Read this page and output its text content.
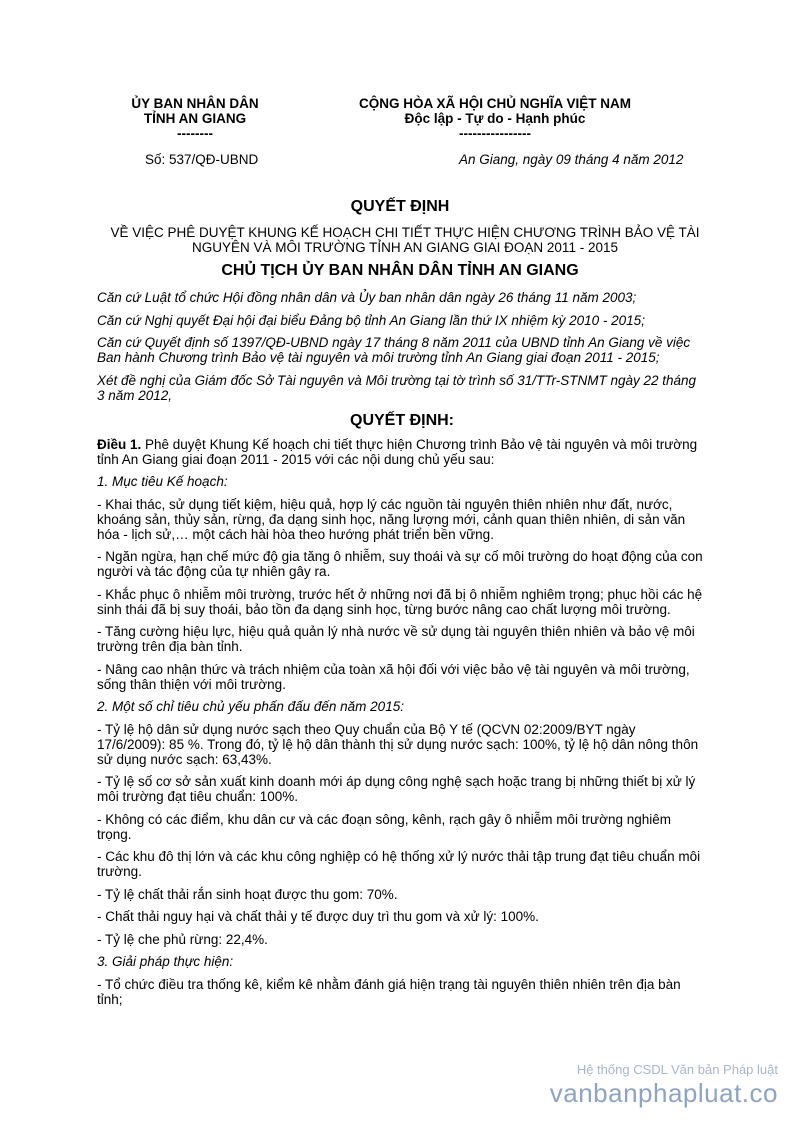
ỦY BAN NHÂN DÂN
TỈNH AN GIANG
--------
CỘNG HÒA XÃ HỘI CHỦ NGHĨA VIỆT NAM
Độc lập - Tự do - Hạnh phúc
----------------
Số: 537/QĐ-UBND	An Giang, ngày 09 tháng 4 năm 2012
QUYẾT ĐỊNH
VỀ VIỆC PHÊ DUYỆT KHUNG KẾ HOẠCH CHI TIẾT THỰC HIỆN CHƯƠNG TRÌNH BẢO VỆ TÀI NGUYÊN VÀ MÔI TRƯỜNG TỈNH AN GIANG GIAI ĐOẠN 2011 - 2015
CHỦ TỊCH ỦY BAN NHÂN DÂN TỈNH AN GIANG

Căn cứ Luật tổ chức Hội đồng nhân dân và Ủy ban nhân dân ngày 26 tháng 11 năm 2003;

Căn cứ Nghị quyết Đại hội đại biểu Đảng bộ tỉnh An Giang lần thứ IX nhiệm kỳ 2010 - 2015;

Căn cứ Quyết định số 1397/QĐ-UBND ngày 17 tháng 8 năm 2011 của UBND tỉnh An Giang về việc Ban hành Chương trình Bảo vệ tài nguyên và môi trường tỉnh An Giang giai đoạn 2011 - 2015;

Xét đề nghị của Giám đốc Sở Tài nguyên và Môi trường tại tờ trình số 31/TTr-STNMT ngày 22 tháng 3 năm 2012,

QUYẾT ĐỊNH:

Điều 1. Phê duyệt Khung Kế hoạch chi tiết thực hiện Chương trình Bảo vệ tài nguyên và môi trường tỉnh An Giang giai đoạn 2011 - 2015 với các nội dung chủ yếu sau:

1. Mục tiêu Kế hoạch:

- Khai thác, sử dụng tiết kiệm, hiệu quả, hợp lý các nguồn tài nguyên thiên nhiên như đất, nước, khoáng sản, thủy sản, rừng, đa dạng sinh học, năng lượng mới, cảnh quan thiên nhiên, di sản văn hóa - lịch sử,… một cách hài hòa theo hướng phát triển bền vững.

- Ngăn ngừa, hạn chế mức độ gia tăng ô nhiễm, suy thoái và sự cố môi trường do hoạt động của con người và tác động của tự nhiên gây ra.

- Khắc phục ô nhiễm môi trường, trước hết ở những nơi đã bị ô nhiễm nghiêm trọng; phục hồi các hệ sinh thái đã bị suy thoái, bảo tồn đa dạng sinh học, từng bước nâng cao chất lượng môi trường.

- Tăng cường hiệu lực, hiệu quả quản lý nhà nước về sử dụng tài nguyên thiên nhiên và bảo vệ môi trường trên địa bàn tỉnh.

- Nâng cao nhận thức và trách nhiệm của toàn xã hội đối với việc bảo vệ tài nguyên và môi trường, sống thân thiện với môi trường.

2. Một số chỉ tiêu chủ yếu phấn đấu đến năm 2015:

- Tỷ lệ hộ dân sử dụng nước sạch theo Quy chuẩn của Bộ Y tế (QCVN 02:2009/BYT ngày 17/6/2009): 85 %. Trong đó, tỷ lệ hộ dân thành thị sử dụng nước sạch: 100%, tỷ lệ hộ dân nông thôn sử dụng nước sạch: 63,43%.

- Tỷ lệ số cơ sở sản xuất kinh doanh mới áp dụng công nghệ sạch hoặc trang bị những thiết bị xử lý môi trường đạt tiêu chuẩn: 100%.

- Không có các điểm, khu dân cư và các đoạn sông, kênh, rạch gây ô nhiễm môi trường nghiêm trọng.

- Các khu đô thị lớn và các khu công nghiệp có hệ thống xử lý nước thải tập trung đạt tiêu chuẩn môi trường.

- Tỷ lệ chất thải rắn sinh hoạt được thu gom: 70%.

- Chất thải nguy hại và chất thải y tế được duy trì thu gom và xử lý: 100%.

- Tỷ lệ che phủ rừng: 22,4%.

3. Giải pháp thực hiện:

- Tổ chức điều tra thống kê, kiểm kê nhằm đánh giá hiện trạng tài nguyên thiên nhiên trên địa bàn tỉnh;

Hệ thống CSDL Văn bản Pháp luật
vanbanphapluat.co
